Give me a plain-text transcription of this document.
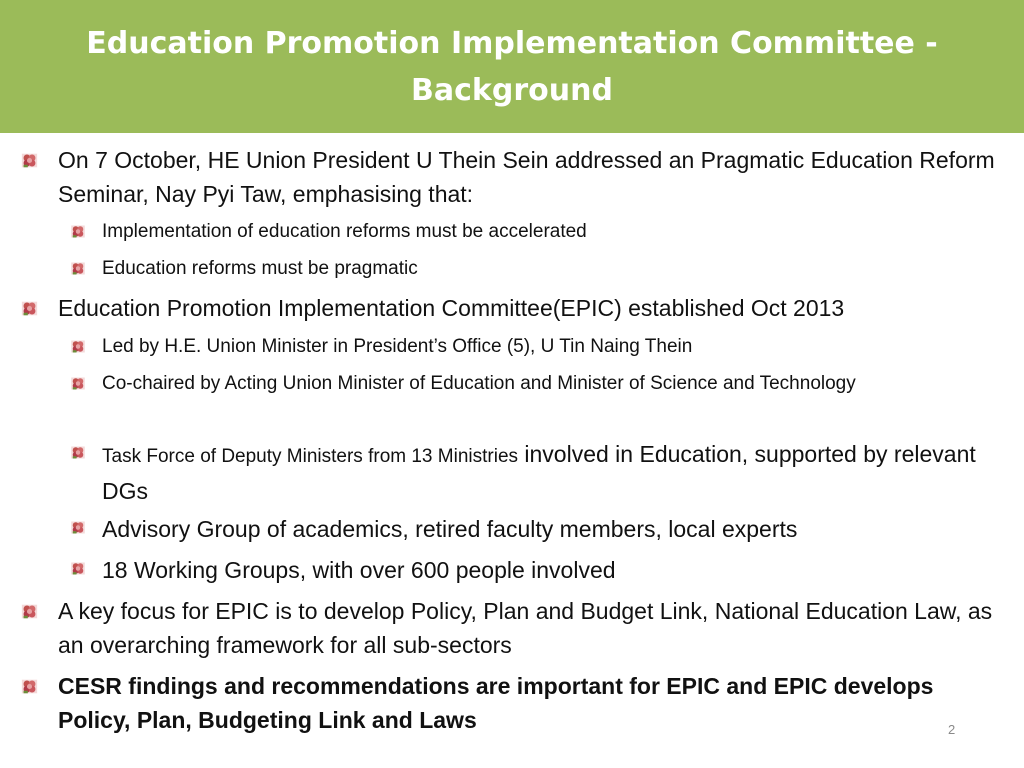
Education Promotion Implementation Committee - Background
On 7 October, HE Union President U Thein Sein addressed an Pragmatic Education Reform Seminar, Nay Pyi Taw, emphasising that:
Implementation of education reforms must be accelerated
Education reforms must be pragmatic
Education Promotion Implementation Committee(EPIC) established Oct 2013
Led by H.E. Union Minister in President’s Office (5), U Tin Naing Thein
Co-chaired by Acting Union Minister of Education and Minister of Science and Technology
Task Force of Deputy Ministers from 13 Ministries involved in Education, supported by relevant DGs
Advisory Group of academics, retired faculty members, local experts
18 Working Groups, with over 600 people involved
A key focus for EPIC is to develop Policy, Plan and Budget Link, National Education Law, as an overarching framework for all sub-sectors
CESR findings and recommendations are important for EPIC and EPIC develops Policy, Plan, Budgeting Link and Laws	2
